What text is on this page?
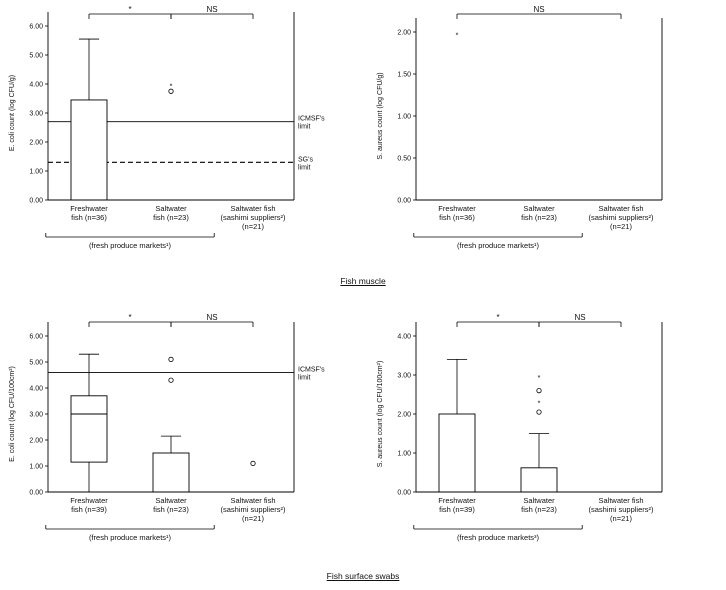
6.00
5.00
4.00
3.00
2.00
1.00
0.00
E. coli count (log CFU/g)	ICMSF's
limit
SG's
limit
*
Freshwater
fish (n=36)
Saltwater
fish (n=23)
Saltwater fish
(sashimi suppliers²)
(n=21)
(fresh produce markets¹)
*	NS
2.00
1.50
1.00
0.50
0.00
S. aureus count (log CFU/g)
*
Freshwater
fish (n=36)
Saltwater
fish (n=23)
Saltwater fish
(sashimi suppliers²)
(n=21)
(fresh produce markets¹)
NS
Fish muscle
6.00
5.00
4.00
3.00
2.00
1.00
0.00
E. coli count (log CFU/100cm²)	ICMSF's
limit
Freshwater
fish (n=39)
Saltwater
fish (n=23)
Saltwater fish
(sashimi suppliers²)
(n=21)
(fresh produce markets¹)
*	NS
4.00
3.00
2.00
1.00
0.00
S. aureus count (log CFU/100cm²)	*
*
Freshwater
fish (n=39)
Saltwater
fish (n=23)
Saltwater fish
(sashimi suppliers²)
(n=21)
(fresh produce markets³)
*	NS
Fish surface swabs
